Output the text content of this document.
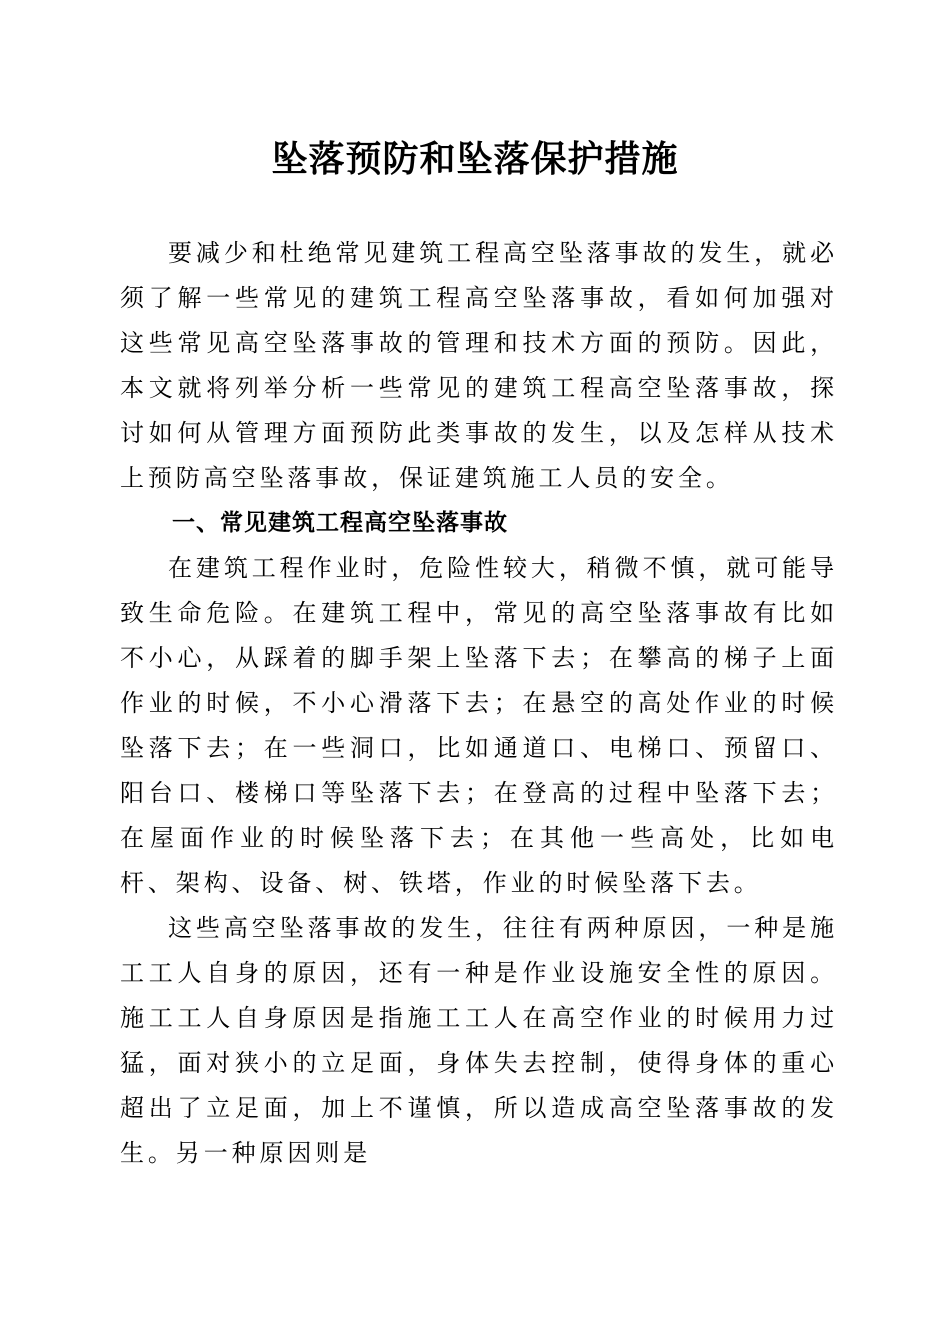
坠落预防和坠落保护措施

要减少和杜绝常见建筑工程高空坠落事故的发生，就必须了解一些常见的建筑工程高空坠落事故，看如何加强对这些常见高空坠落事故的管理和技术方面的预防。因此，本文就将列举分析一些常见的建筑工程高空坠落事故，探讨如何从管理方面预防此类事故的发生，以及怎样从技术上预防高空坠落事故，保证建筑施工人员的安全。

一、常见建筑工程高空坠落事故

在建筑工程作业时，危险性较大，稍微不慎，就可能导致生命危险。在建筑工程中，常见的高空坠落事故有比如不小心，从踩着的脚手架上坠落下去；在攀高的梯子上面作业的时候，不小心滑落下去；在悬空的高处作业的时候坠落下去；在一些洞口，比如通道口、电梯口、预留口、阳台口、楼梯口等坠落下去；在登高的过程中坠落下去；在屋面作业的时候坠落下去；在其他一些高处，比如电杆、架构、设备、树、铁塔，作业的时候坠落下去。

这些高空坠落事故的发生，往往有两种原因，一种是施工工人自身的原因，还有一种是作业设施安全性的原因。施工工人自身原因是指施工工人在高空作业的时候用力过猛，面对狭小的立足面，身体失去控制，使得身体的重心超出了立足面，加上不谨慎，所以造成高空坠落事故的发生。另一种原因则是
